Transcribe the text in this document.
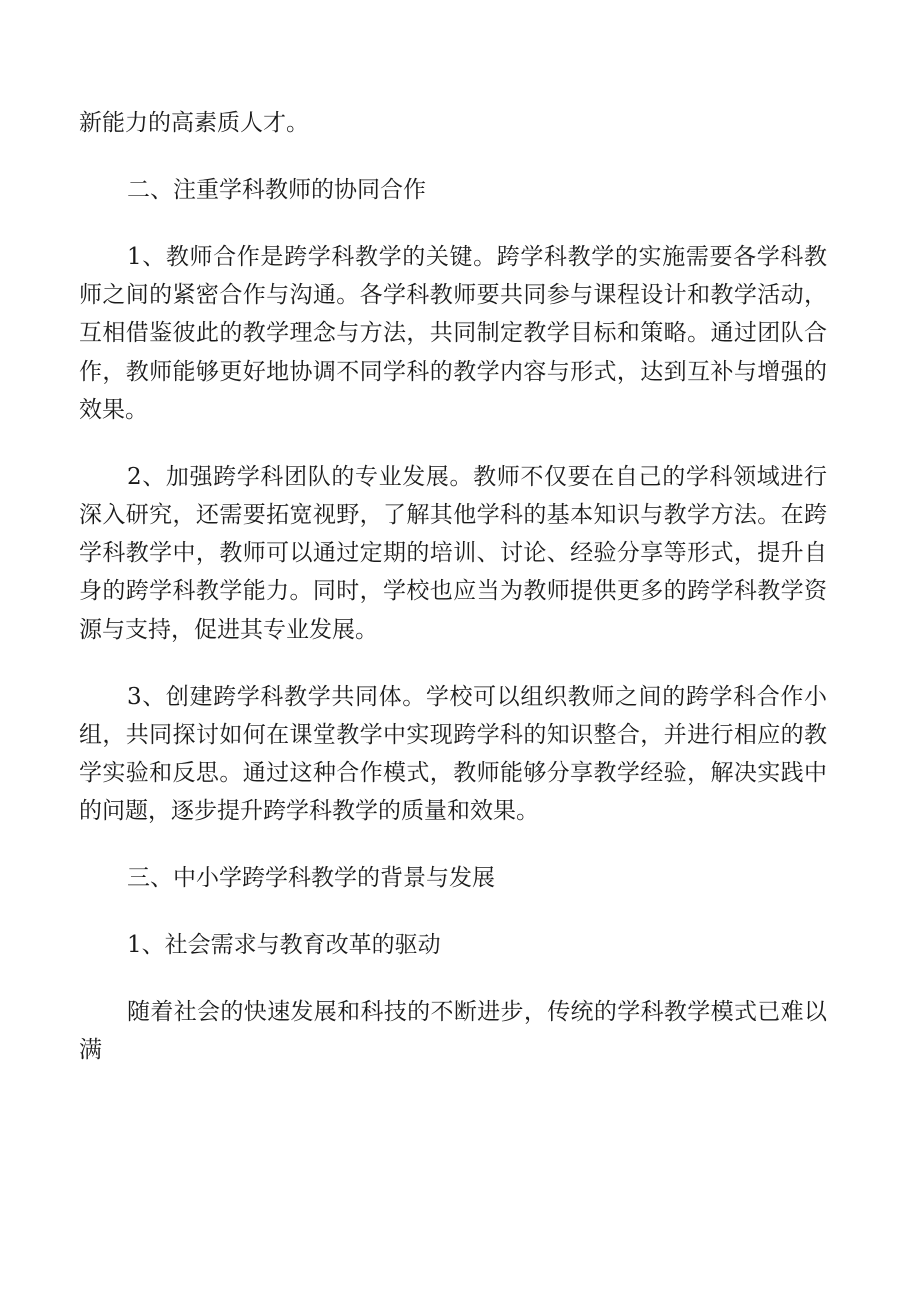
新能力的高素质人才。

二、注重学科教师的协同合作

1、教师合作是跨学科教学的关键。跨学科教学的实施需要各学科教师之间的紧密合作与沟通。各学科教师要共同参与课程设计和教学活动，互相借鉴彼此的教学理念与方法，共同制定教学目标和策略。通过团队合作，教师能够更好地协调不同学科的教学内容与形式，达到互补与增强的效果。

2、加强跨学科团队的专业发展。教师不仅要在自己的学科领域进行深入研究，还需要拓宽视野，了解其他学科的基本知识与教学方法。在跨学科教学中，教师可以通过定期的培训、讨论、经验分享等形式，提升自身的跨学科教学能力。同时，学校也应当为教师提供更多的跨学科教学资源与支持，促进其专业发展。

3、创建跨学科教学共同体。学校可以组织教师之间的跨学科合作小组，共同探讨如何在课堂教学中实现跨学科的知识整合，并进行相应的教学实验和反思。通过这种合作模式，教师能够分享教学经验，解决实践中的问题，逐步提升跨学科教学的质量和效果。

三、中小学跨学科教学的背景与发展

1、社会需求与教育改革的驱动

随着社会的快速发展和科技的不断进步，传统的学科教学模式已难以满
